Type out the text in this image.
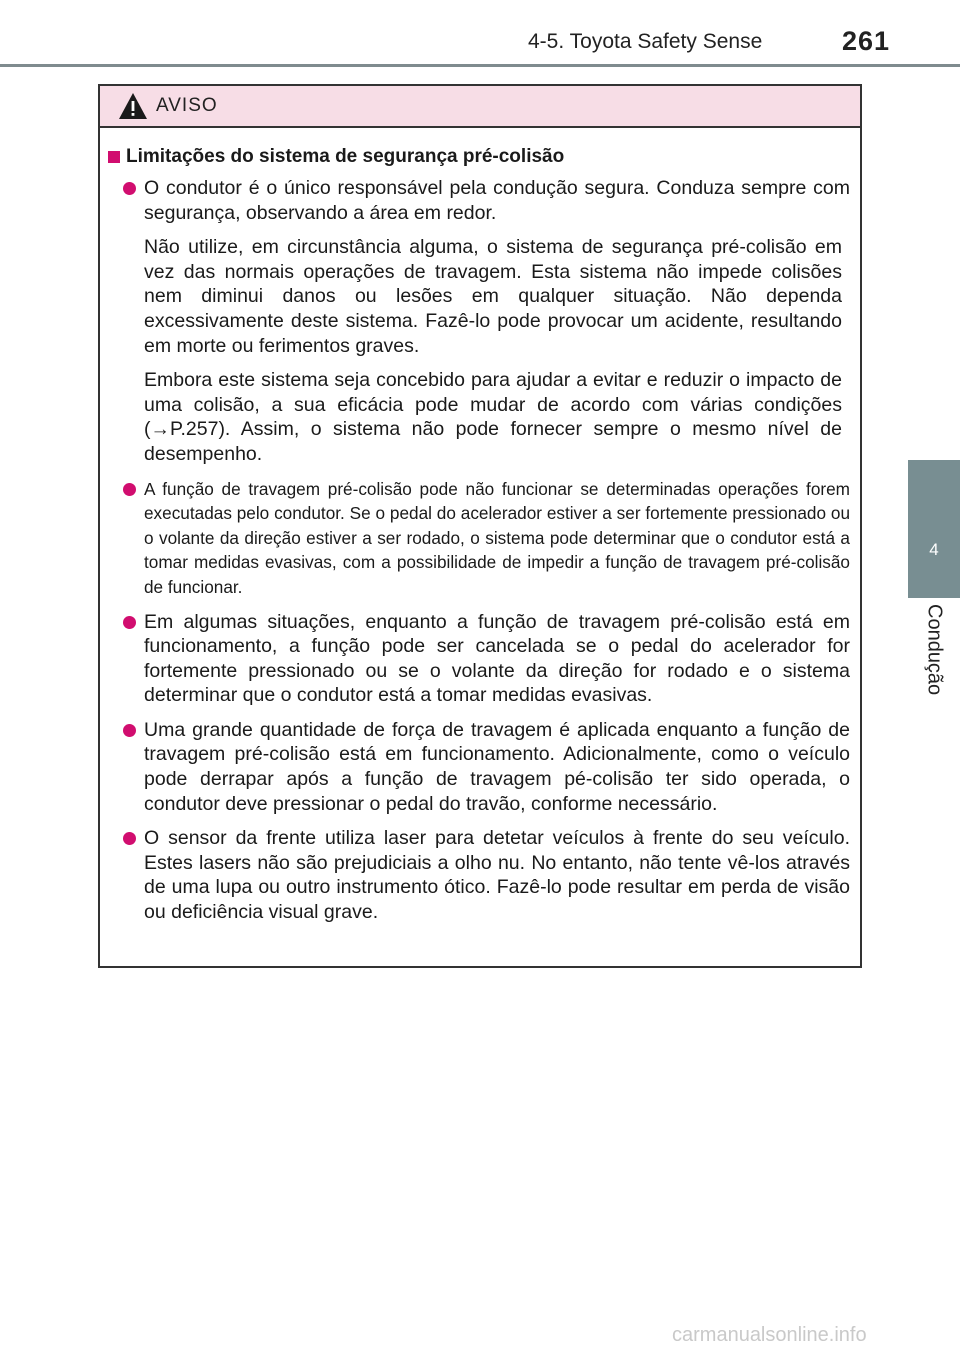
4-5. Toyota Safety Sense	261
4
Condução
AVISO
Limitações do sistema de segurança pré-colisão

O condutor é o único responsável pela condução segura. Conduza sempre com segurança, observando a área em redor.

Não utilize, em circunstância alguma, o sistema de segurança pré-colisão em vez das normais operações de travagem. Esta sistema não impede colisões nem diminui danos ou lesões em qualquer situação. Não dependa excessivamente deste sistema. Fazê-lo pode provocar um acidente, resultando em morte ou ferimentos graves.

Embora este sistema seja concebido para ajudar a evitar e reduzir o impacto de uma colisão, a sua eficácia pode mudar de acordo com várias condições (→P.257). Assim, o sistema não pode fornecer sempre o mesmo nível de desempenho.

A função de travagem pré-colisão pode não funcionar se determinadas operações forem executadas pelo condutor. Se o pedal do acelerador estiver a ser fortemente pressionado ou o volante da direção estiver a ser rodado, o sistema pode determinar que o condutor está a tomar medidas evasivas, com a possibilidade de impedir a função de travagem pré-colisão de funcionar.

Em algumas situações, enquanto a função de travagem pré-colisão está em funcionamento, a função pode ser cancelada se o pedal do acelerador for fortemente pressionado ou se o volante da direção for rodado e o sistema determinar que o condutor está a tomar medidas evasivas.

Uma grande quantidade de força de travagem é aplicada enquanto a função de travagem pré-colisão está em funcionamento. Adicionalmente, como o veículo pode derrapar após a função de travagem pé-colisão ter sido operada, o condutor deve pressionar o pedal do travão, conforme necessário.

O sensor da frente utiliza laser para detetar veículos à frente do seu veículo. Estes lasers não são prejudiciais a olho nu. No entanto, não tente vê-los através de uma lupa ou outro instrumento ótico. Fazê-lo pode resultar em perda de visão ou deficiência visual grave.

carmanualsonline.info
